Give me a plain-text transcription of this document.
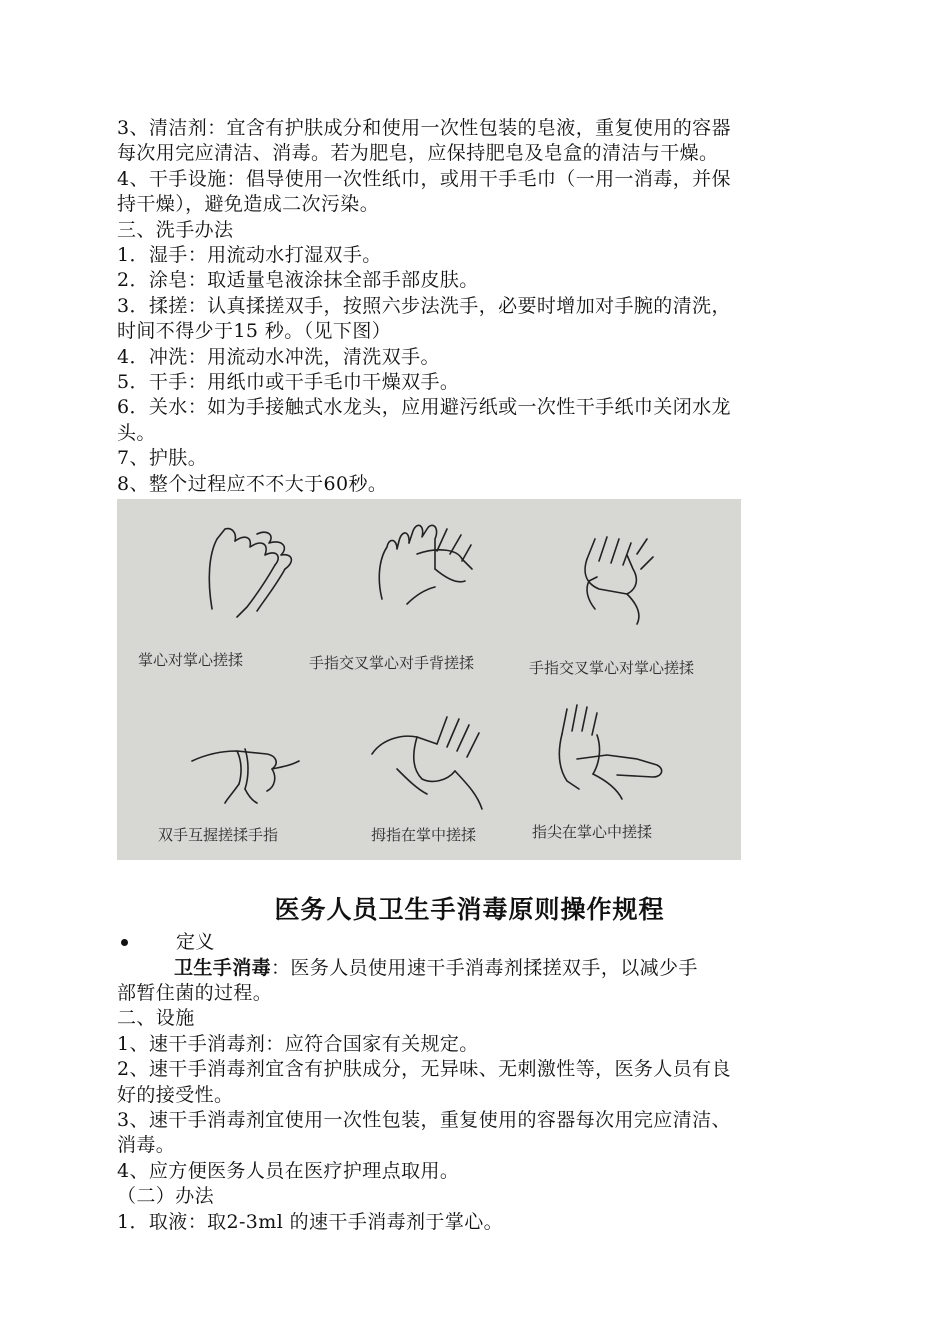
3、清洁剂：宜含有护肤成分和使用一次性包装的皂液，重复使用的容器
每次用完应清洁、消毒。若为肥皂，应保持肥皂及皂盒的清洁与干燥。
4、干手设施：倡导使用一次性纸巾，或用干手毛巾（一用一消毒，并保
持干燥），避免造成二次污染。
三、洗手办法
1．湿手：用流动水打湿双手。
2．涂皂：取适量皂液涂抹全部手部皮肤。
3．揉搓：认真揉搓双手，按照六步法洗手，必要时增加对手腕的清洗，
时间不得少于15 秒。（见下图）
4．冲洗：用流动水冲洗，清洗双手。
5．干手：用纸巾或干手毛巾干燥双手。
6．关水：如为手接触式水龙头，应用避污纸或一次性干手纸巾关闭水龙
头。
7、护肤。
8、整个过程应不不大于60秒。
掌心对掌心搓揉	手指交叉掌心对手背搓揉	手指交叉掌心对掌心搓揉
双手互握搓揉手指	拇指在掌中搓揉	指尖在掌心中搓揉
医务人员卫生手消毒原则操作规程
定义
卫生手消毒：医务人员使用速干手消毒剂揉搓双手，以减少手
部暂住菌的过程。
二、设施
1、速干手消毒剂：应符合国家有关规定。
2、速干手消毒剂宜含有护肤成分，无异味、无刺激性等，医务人员有良
好的接受性。
3、速干手消毒剂宜使用一次性包装，重复使用的容器每次用完应清洁、
消毒。
4、应方便医务人员在医疗护理点取用。
（二）办法
1．取液：取2-3ml 的速干手消毒剂于掌心。
